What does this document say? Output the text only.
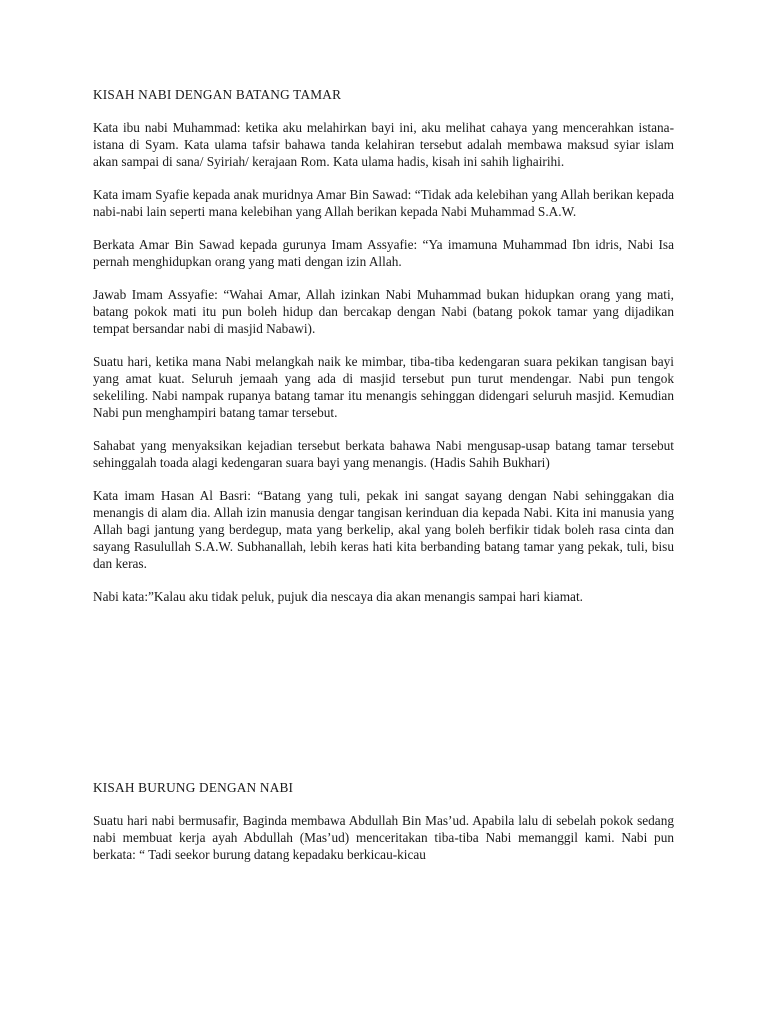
KISAH NABI DENGAN BATANG TAMAR
Kata ibu nabi Muhammad: ketika aku melahirkan bayi ini, aku melihat cahaya yang mencerahkan istana-istana di Syam. Kata ulama tafsir bahawa tanda kelahiran tersebut adalah membawa maksud syiar islam akan sampai di sana/ Syiriah/ kerajaan Rom. Kata ulama hadis, kisah ini sahih lighairihi.
Kata imam Syafie kepada anak muridnya Amar Bin Sawad: “Tidak ada kelebihan yang Allah berikan kepada nabi-nabi lain seperti mana kelebihan yang Allah berikan kepada Nabi Muhammad S.A.W.
Berkata Amar Bin Sawad kepada gurunya Imam Assyafie: “Ya imamuna Muhammad Ibn idris, Nabi Isa pernah menghidupkan orang yang mati dengan izin Allah.
Jawab Imam Assyafie: “Wahai Amar, Allah izinkan Nabi Muhammad bukan hidupkan orang yang mati, batang pokok mati itu pun boleh hidup dan bercakap dengan Nabi (batang pokok tamar yang dijadikan tempat bersandar nabi di masjid Nabawi).
Suatu hari, ketika mana Nabi melangkah naik ke mimbar, tiba-tiba kedengaran suara pekikan tangisan bayi yang amat kuat. Seluruh jemaah yang ada di masjid tersebut pun turut mendengar. Nabi pun tengok sekeliling. Nabi nampak rupanya batang tamar itu menangis sehinggan didengari seluruh masjid. Kemudian Nabi pun menghampiri batang tamar tersebut.
Sahabat yang menyaksikan kejadian tersebut berkata bahawa Nabi mengusap-usap batang tamar tersebut sehinggalah toada alagi kedengaran suara bayi yang menangis. (Hadis Sahih Bukhari)
Kata imam Hasan Al Basri: “Batang yang tuli, pekak ini sangat sayang dengan Nabi sehinggakan dia menangis di alam dia. Allah izin manusia dengar tangisan kerinduan dia kepada Nabi. Kita ini manusia yang Allah bagi jantung yang berdegup, mata yang berkelip, akal yang boleh berfikir tidak boleh rasa cinta dan sayang Rasulullah S.A.W. Subhanallah, lebih keras hati kita berbanding batang tamar yang pekak, tuli, bisu dan keras.
Nabi kata:”Kalau aku tidak peluk, pujuk dia nescaya dia akan menangis sampai hari kiamat.
KISAH BURUNG DENGAN NABI
Suatu hari nabi bermusafir, Baginda membawa Abdullah Bin Mas’ud. Apabila lalu di sebelah pokok sedang nabi membuat kerja ayah Abdullah (Mas’ud) menceritakan tiba-tiba Nabi memanggil kami. Nabi pun berkata: “ Tadi seekor burung datang kepadaku berkicau-kicau
